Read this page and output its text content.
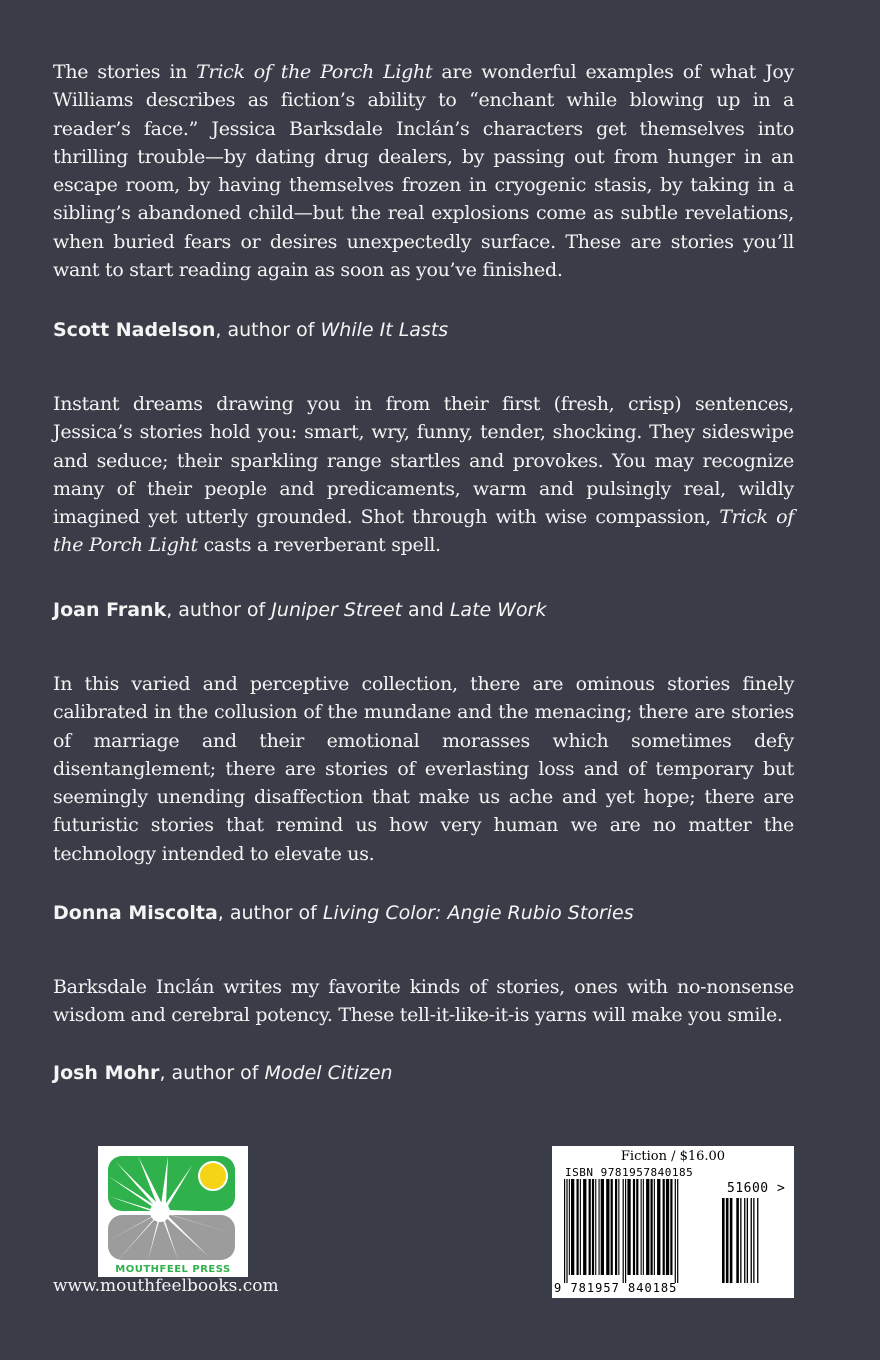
The stories in Trick of the Porch Light are wonderful examples of what Joy Williams describes as fiction’s ability to “enchant while blowing up in a reader’s face.” Jessica Barksdale Inclán’s characters get themselves into thrilling trouble—by dating drug dealers, by passing out from hunger in an escape room, by having themselves frozen in cryogenic stasis, by taking in a sibling’s abandoned child—but the real explosions come as subtle revelations, when buried fears or desires unexpectedly surface. These are stories you’ll want to start reading again as soon as you’ve finished.
Scott Nadelson, author of While It Lasts
Instant dreams drawing you in from their first (fresh, crisp) sentences, Jessica’s stories hold you: smart, wry, funny, tender, shocking. They sideswipe and seduce; their sparkling range startles and provokes. You may recognize many of their people and predicaments, warm and pulsingly real, wildly imagined yet utterly grounded. Shot through with wise compassion, Trick of the Porch Light casts a reverberant spell.
Joan Frank, author of Juniper Street and Late Work
In this varied and perceptive collection, there are ominous stories finely calibrated in the collusion of the mundane and the menacing; there are stories of marriage and their emotional morasses which sometimes defy disentanglement; there are stories of everlasting loss and of temporary but seemingly unending disaffection that make us ache and yet hope; there are futuristic stories that remind us how very human we are no matter the technology intended to elevate us.
Donna Miscolta, author of Living Color: Angie Rubio Stories
Barksdale Inclán writes my favorite kinds of stories, ones with no-nonsense wisdom and cerebral potency. These tell-it-like-it-is yarns will make you smile.
Josh Mohr, author of Model Citizen
MOUTHFEEL PRESS
www.mouthfeelbooks.com
Fiction / $16.00
ISBN 9781957840185
51600 >
9 781957 840185
